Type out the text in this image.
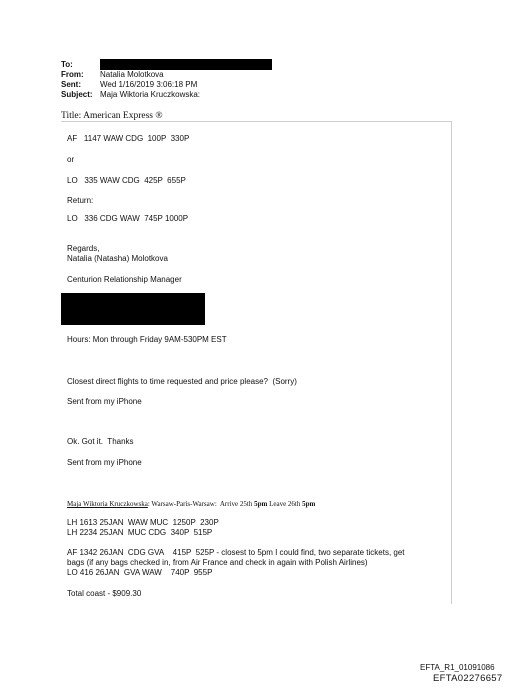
To:
From:	Natalia Molotkova
Sent:	Wed 1/16/2019 3:06:18 PM
Subject: Maja Wiktoria Kruczkowska:
Title: American Express ®
AF   1147 WAW CDG  100P  330P
or
LO   335 WAW CDG  425P  655P
Return:
LO   336 CDG WAW  745P 1000P
Regards,
Natalia (Natasha) Molotkova
Centurion Relationship Manager
Hours: Mon through Friday 9AM-530PM EST
Closest direct flights to time requested and price please?  (Sorry)
Sent from my iPhone
Ok. Got it.  Thanks
Sent from my iPhone
Maja Wiktoria Kruczkowska: Warsaw-Paris-Warsaw:  Arrive 25th 5pm Leave 26th 5pm
LH 1613 25JAN  WAW MUC  1250P  230P
LH 2234 25JAN  MUC CDG  340P  515P
AF 1342 26JAN  CDG GVA    415P  525P - closest to 5pm I could find, two separate tickets, get
bags (if any bags checked in, from Air France and check in again with Polish Airlines)
LO 416 26JAN  GVA WAW    740P  955P
Total coast - $909.30
EFTA_R1_01091086
EFTA02276657
